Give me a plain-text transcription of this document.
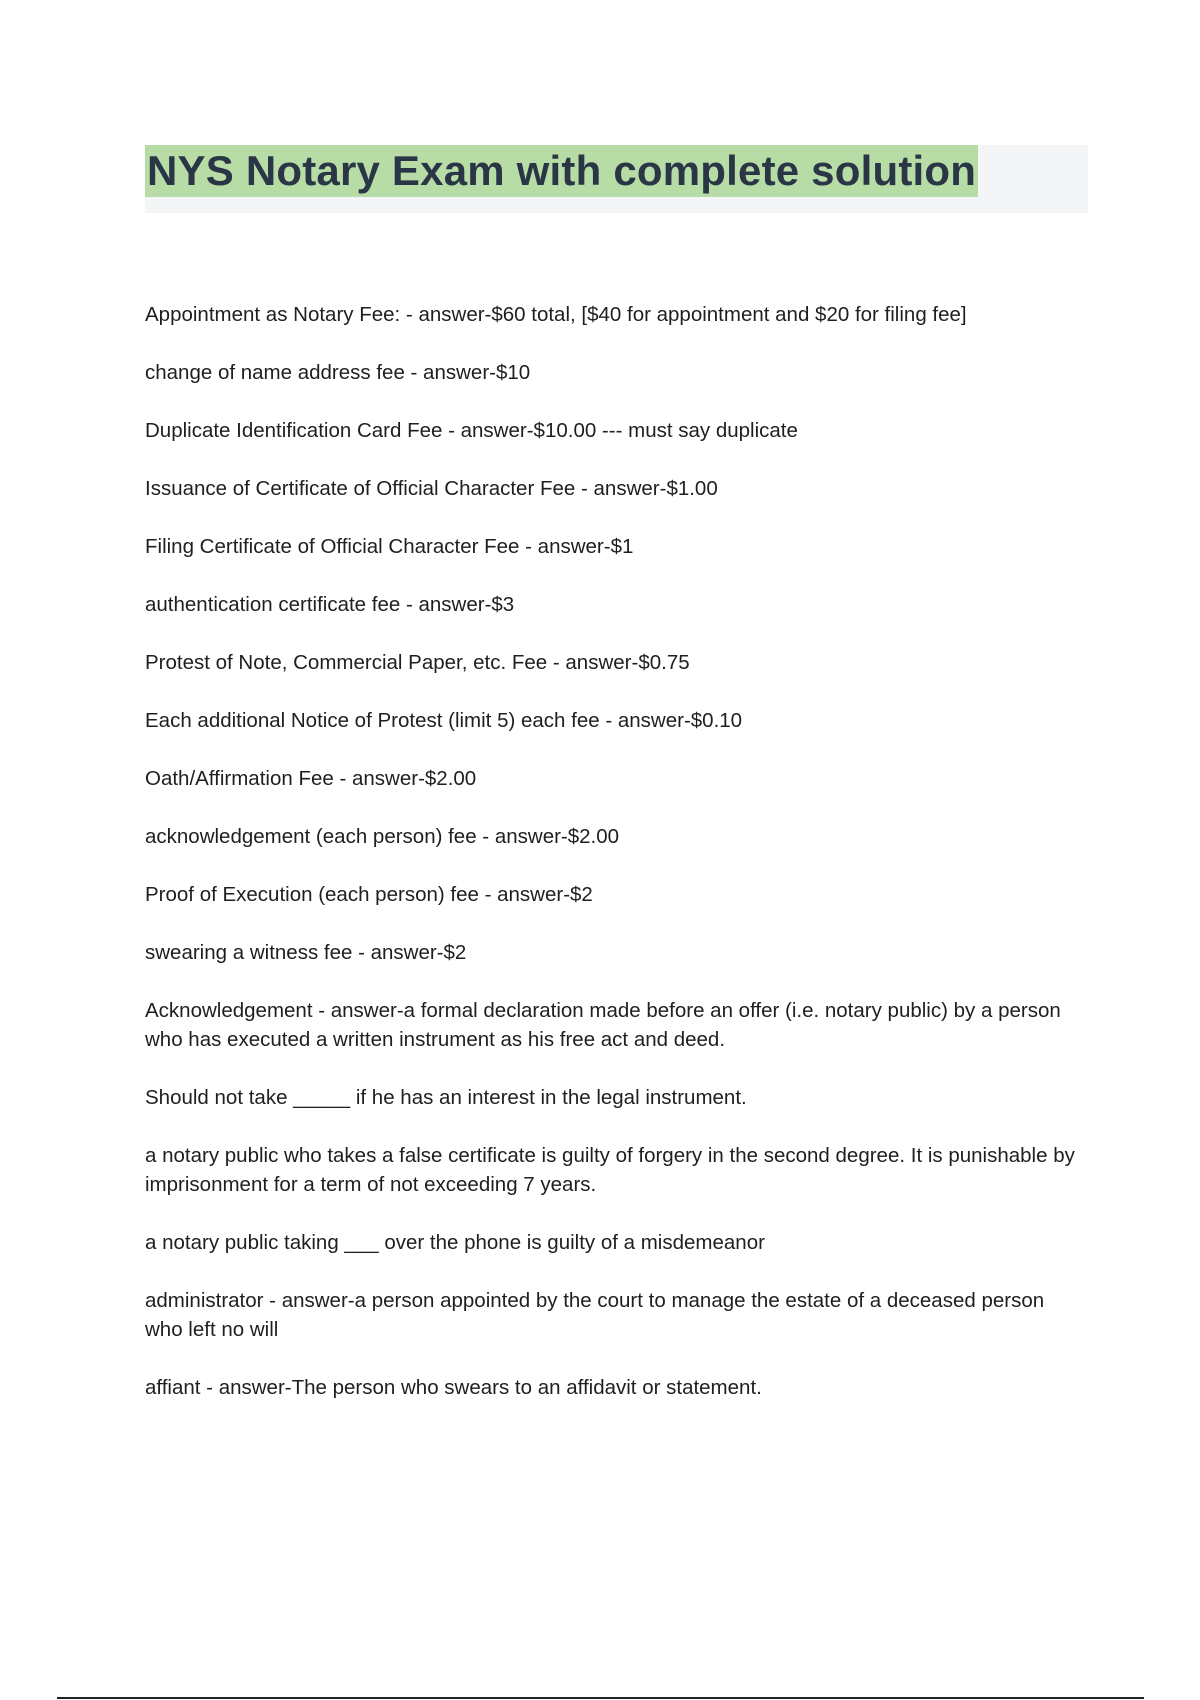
NYS Notary Exam with complete solution

Appointment as Notary Fee: - answer-$60 total, [$40 for appointment and $20 for filing fee]

change of name address fee - answer-$10

Duplicate Identification Card Fee - answer-$10.00 --- must say duplicate

Issuance of Certificate of Official Character Fee - answer-$1.00

Filing Certificate of Official Character Fee - answer-$1

authentication certificate fee - answer-$3

Protest of Note, Commercial Paper, etc. Fee - answer-$0.75

Each additional Notice of Protest (limit 5) each fee - answer-$0.10

Oath/Affirmation Fee - answer-$2.00

acknowledgement (each person) fee - answer-$2.00

Proof of Execution (each person) fee - answer-$2

swearing a witness fee - answer-$2

Acknowledgement - answer-a formal declaration made before an offer (i.e. notary public) by a person who has executed a written instrument as his free act and deed.

Should not take _____ if he has an interest in the legal instrument.

a notary public who takes a false certificate is guilty of forgery in the second degree. It is punishable by imprisonment for a term of not exceeding 7 years.

a notary public taking ___ over the phone is guilty of a misdemeanor

administrator - answer-a person appointed by the court to manage the estate of a deceased person who left no will

affiant - answer-The person who swears to an affidavit or statement.
